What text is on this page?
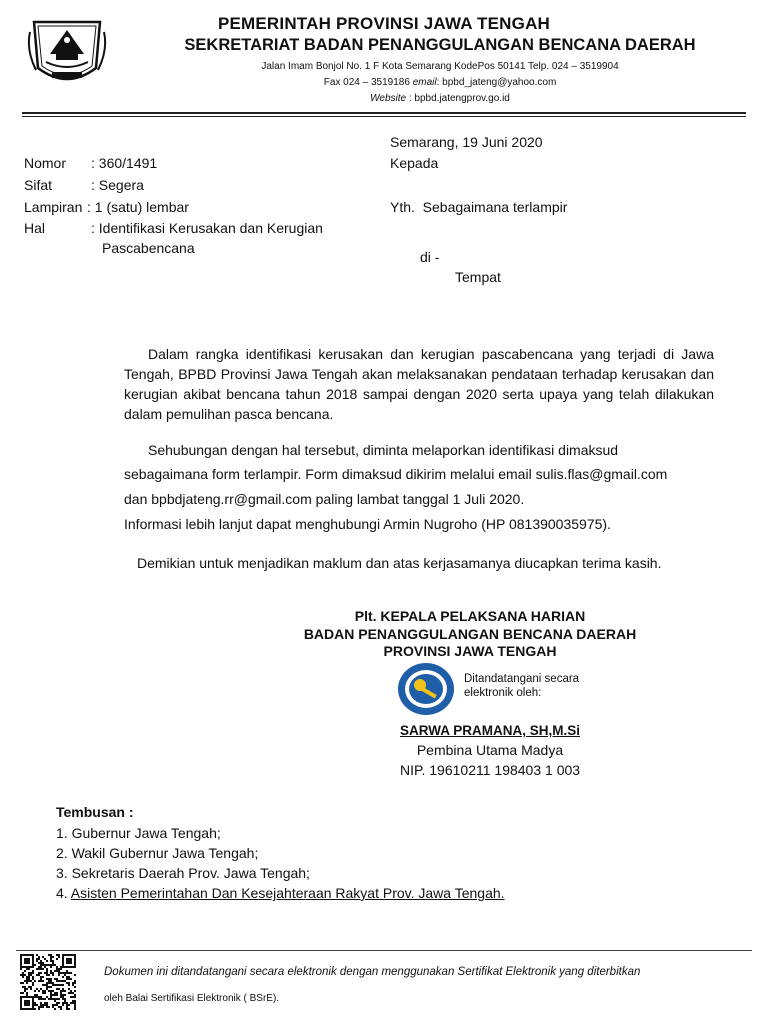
PEMERINTAH PROVINSI JAWA TENGAH
SEKRETARIAT BADAN PENANGGULANGAN BENCANA DAERAH
Jalan Imam Bonjol No. 1 F Kota Semarang KodePos 50141 Telp. 024 – 3519904
Fax 024 – 3519186 email: bpbd_jateng@yahoo.com
Website : bpbd.jatengprov.go.id
Semarang, 19 Juni 2020
Kepada
Yth.  Sebagaimana terlampir
di -
Tempat
Nomor : 360/1491
Sifat	: Segera
Lampiran : 1 (satu) lembar
Hal	: Identifikasi Kerusakan dan Kerugian
Pascabencana
Dalam rangka identifikasi kerusakan dan kerugian pascabencana yang terjadi di Jawa Tengah, BPBD Provinsi Jawa Tengah akan melaksanakan pendataan terhadap kerusakan dan kerugian akibat bencana tahun 2018 sampai dengan 2020 serta upaya yang telah dilakukan dalam pemulihan pasca bencana.
Sehubungan dengan hal tersebut, diminta melaporkan identifikasi dimaksud
sebagaimana form terlampir. Form dimaksud dikirim melalui email sulis.flas@gmail.com
dan bpbdjateng.rr@gmail.com paling lambat tanggal 1 Juli 2020.
Informasi lebih lanjut dapat menghubungi Armin Nugroho (HP 081390035975).
Demikian untuk menjadikan maklum dan atas kerjasamanya diucapkan terima kasih.
Plt. KEPALA PELAKSANA HARIAN
BADAN PENANGGULANGAN BENCANA DAERAH
PROVINSI JAWA TENGAH
Ditandatangani secara
elektronik oleh:
SARWA PRAMANA, SH,M.Si
Pembina Utama Madya
NIP. 19610211 198403 1 003
Tembusan :
1. Gubernur Jawa Tengah;
2. Wakil Gubernur Jawa Tengah;
3. Sekretaris Daerah Prov. Jawa Tengah;
4. Asisten Pemerintahan Dan Kesejahteraan Rakyat Prov. Jawa Tengah.
Dokumen ini ditandatangani secara elektronik dengan menggunakan Sertifikat Elektronik yang diterbitkan
oleh Balai Sertifikasi Elektronik ( BSrE).
